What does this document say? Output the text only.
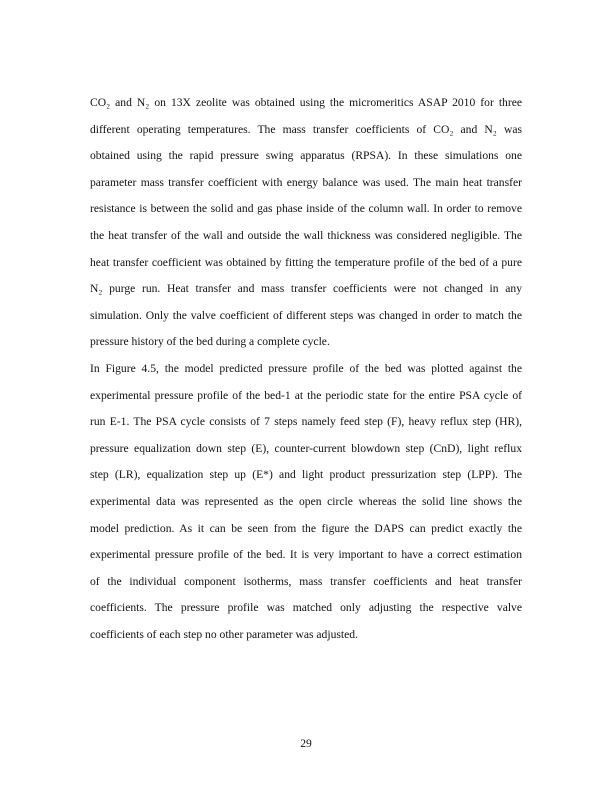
CO₂ and N₂ on 13X zeolite was obtained using the micromeritics ASAP 2010 for three
different operating temperatures. The mass transfer coefficients of CO₂ and N₂ was
obtained using the rapid pressure swing apparatus (RPSA). In these simulations one
parameter mass transfer coefficient with energy balance was used. The main heat transfer
resistance is between the solid and gas phase inside of the column wall. In order to remove
the heat transfer of the wall and outside the wall thickness was considered negligible. The
heat transfer coefficient was obtained by fitting the temperature profile of the bed of a pure
N₂ purge run. Heat transfer and mass transfer coefficients were not changed in any
simulation. Only the valve coefficient of different steps was changed in order to match the
pressure history of the bed during a complete cycle.

In Figure 4.5, the model predicted pressure profile of the bed was plotted against the
experimental pressure profile of the bed-1 at the periodic state for the entire PSA cycle of
run E-1. The PSA cycle consists of 7 steps namely feed step (F), heavy reflux step (HR),
pressure equalization down step (E), counter-current blowdown step (CnD), light reflux
step (LR), equalization step up (E*) and light product pressurization step (LPP). The
experimental data was represented as the open circle whereas the solid line shows the
model prediction. As it can be seen from the figure the DAPS can predict exactly the
experimental pressure profile of the bed. It is very important to have a correct estimation
of the individual component isotherms, mass transfer coefficients and heat transfer
coefficients. The pressure profile was matched only adjusting the respective valve
coefficients of each step no other parameter was adjusted.

29
